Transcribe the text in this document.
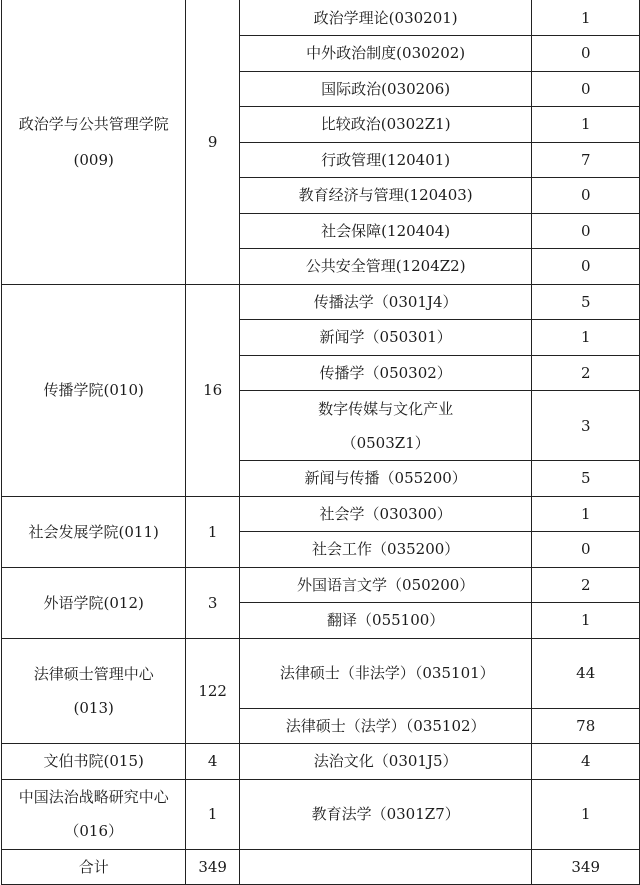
政治学与公共管理学院(009)	9	政治学理论(030201)	1
		中外政治制度(030202)	0
		国际政治(030206)	0
		比较政治(0302Z1)	1
		行政管理(120401)	7
		教育经济与管理(120403)	0
		社会保障(120404)	0
		公共安全管理(1204Z2)	0
传播学院(010)	16	传播法学（0301J4）	5
		新闻学（050301）	1
		传播学（050302）	2
		数字传媒与文化产业（0503Z1）	3
		新闻与传播（055200）	5
社会发展学院(011)	1	社会学（030300）	1
		社会工作（035200）	0
外语学院(012)	3	外国语言文学（050200）	2
		翻译（055100）	1
法律硕士管理中心(013)	122	法律硕士（非法学）（035101）	44
		法律硕士（法学）（035102）	78
文伯书院(015)	4	法治文化（0301J5）	4
中国法治战略研究中心（016）	1	教育法学（0301Z7）	1
合计	349		349
